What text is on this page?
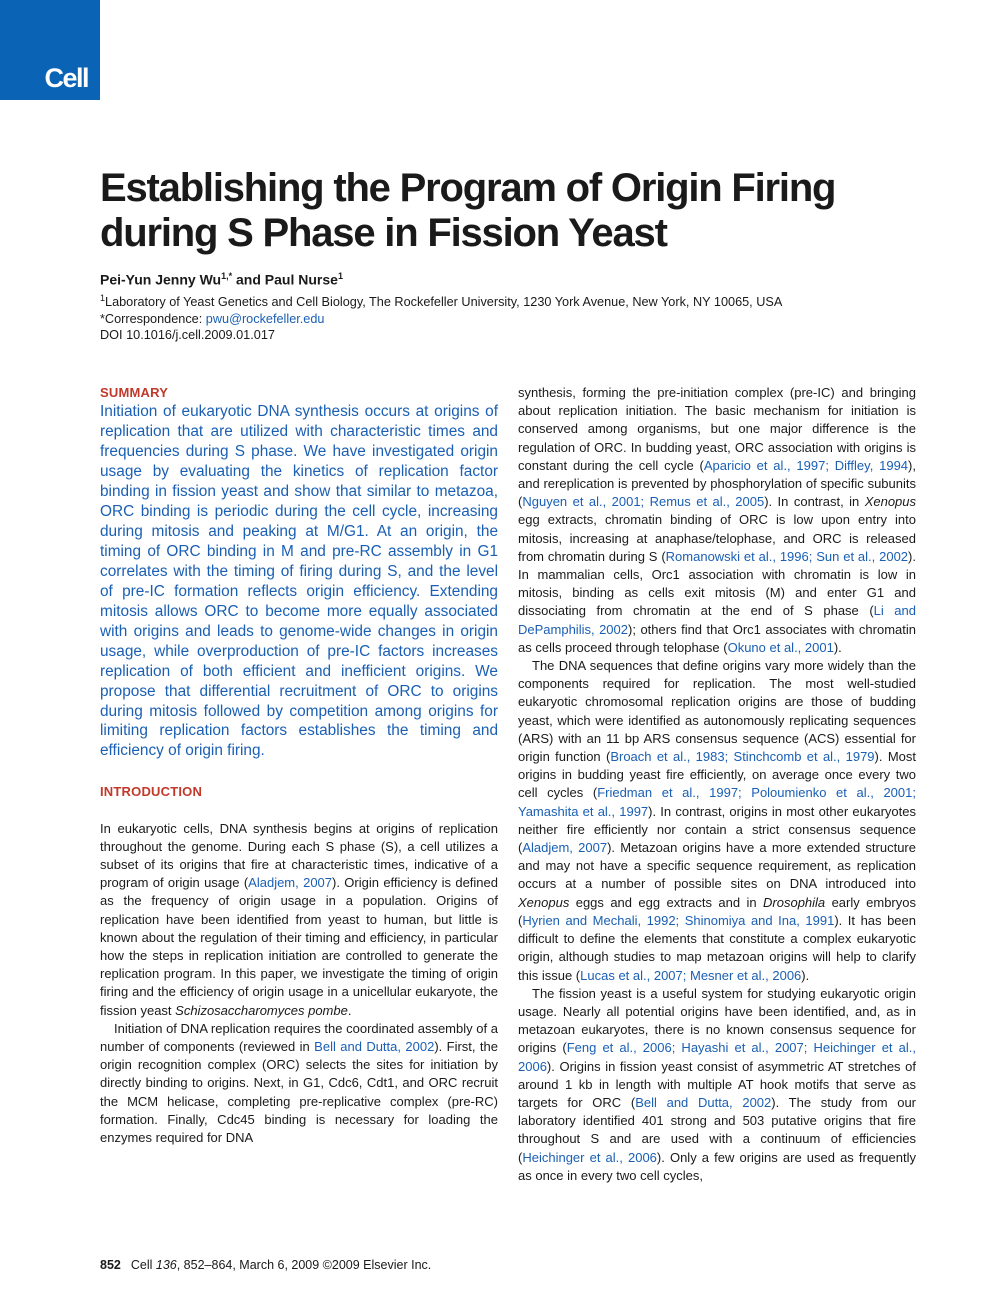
Cell
Establishing the Program of Origin Firing during S Phase in Fission Yeast
Pei-Yun Jenny $Wu^{1,*}$ and Paul Nurse$^1$
$^1$Laboratory of Yeast Genetics and Cell Biology, The Rockefeller University, 1230 York Avenue, New York, NY 10065, USA
*Correspondence: pwu@rockefeller.edu
DOI 10.1016/j.cell.2009.01.017
SUMMARY

Initiation of eukaryotic DNA synthesis occurs at origins of replication that are utilized with characteristic times and frequencies during S phase. We have investigated origin usage by evaluating the kinetics of replication factor binding in fission yeast and show that similar to metazoa, ORC binding is periodic during the cell cycle, increasing during mitosis and peaking at M/G1. At an origin, the timing of ORC binding in M and pre-RC assembly in G1 correlates with the timing of firing during S, and the level of pre-IC formation reflects origin efficiency. Extending mitosis allows ORC to become more equally associated with origins and leads to genome-wide changes in origin usage, while overproduction of pre-IC factors increases replication of both efficient and inefficient origins. We propose that differential recruitment of ORC to origins during mitosis followed by competition among origins for limiting replication factors establishes the timing and efficiency of origin firing.

INTRODUCTION

In eukaryotic cells, DNA synthesis begins at origins of replication throughout the genome. During each S phase (S), a cell utilizes a subset of its origins that fire at characteristic times, indicative of a program of origin usage (Aladjem, 2007). Origin efficiency is defined as the frequency of origin usage in a population. Origins of replication have been identified from yeast to human, but little is known about the regulation of their timing and efficiency, in particular how the steps in replication initiation are controlled to generate the replication program. In this paper, we investigate the timing of origin firing and the efficiency of origin usage in a unicellular eukaryote, the fission yeast Schizosaccharomyces pombe.

Initiation of DNA replication requires the coordinated assembly of a number of components (reviewed in Bell and Dutta, 2002). First, the origin recognition complex (ORC) selects the sites for initiation by directly binding to origins. Next, in G1, Cdc6, Cdt1, and ORC recruit the MCM helicase, completing pre-replicative complex (pre-RC) formation. Finally, Cdc45 binding is necessary for loading the enzymes required for DNA

synthesis, forming the pre-initiation complex (pre-IC) and bringing about replication initiation. The basic mechanism for initiation is conserved among organisms, but one major difference is the regulation of ORC. In budding yeast, ORC association with origins is constant during the cell cycle (Aparicio et al., 1997; Diffley, 1994), and rereplication is prevented by phosphorylation of specific subunits (Nguyen et al., 2001; Remus et al., 2005). In contrast, in Xenopus egg extracts, chromatin binding of ORC is low upon entry into mitosis, increasing at anaphase/telophase, and ORC is released from chromatin during S (Romanowski et al., 1996; Sun et al., 2002). In mammalian cells, Orc1 association with chromatin is low in mitosis, binding as cells exit mitosis (M) and enter G1 and dissociating from chromatin at the end of S phase (Li and DePamphilis, 2002); others find that Orc1 associates with chromatin as cells proceed through telophase (Okuno et al., 2001).

The DNA sequences that define origins vary more widely than the components required for replication. The most well-studied eukaryotic chromosomal replication origins are those of budding yeast, which were identified as autonomously replicating sequences (ARS) with an 11 bp ARS consensus sequence (ACS) essential for origin function (Broach et al., 1983; Stinchcomb et al., 1979). Most origins in budding yeast fire efficiently, on average once every two cell cycles (Friedman et al., 1997; Poloumienko et al., 2001; Yamashita et al., 1997). In contrast, origins in most other eukaryotes neither fire efficiently nor contain a strict consensus sequence (Aladjem, 2007). Metazoan origins have a more extended structure and may not have a specific sequence requirement, as replication occurs at a number of possible sites on DNA introduced into Xenopus eggs and egg extracts and in Drosophila early embryos (Hyrien and Mechali, 1992; Shinomiya and Ina, 1991). It has been difficult to define the elements that constitute a complex eukaryotic origin, although studies to map metazoan origins will help to clarify this issue (Lucas et al., 2007; Mesner et al., 2006).

The fission yeast is a useful system for studying eukaryotic origin usage. Nearly all potential origins have been identified, and, as in metazoan eukaryotes, there is no known consensus sequence for origins (Feng et al., 2006; Hayashi et al., 2007; Heichinger et al., 2006). Origins in fission yeast consist of asymmetric AT stretches of around 1 kb in length with multiple AT hook motifs that serve as targets for ORC (Bell and Dutta, 2002). The study from our laboratory identified 401 strong and 503 putative origins that fire throughout S and are used with a continuum of efficiencies (Heichinger et al., 2006). Only a few origins are used as frequently as once in every two cell cycles,

852 Cell 136, 852–864, March 6, 2009 ©2009 Elsevier Inc.
